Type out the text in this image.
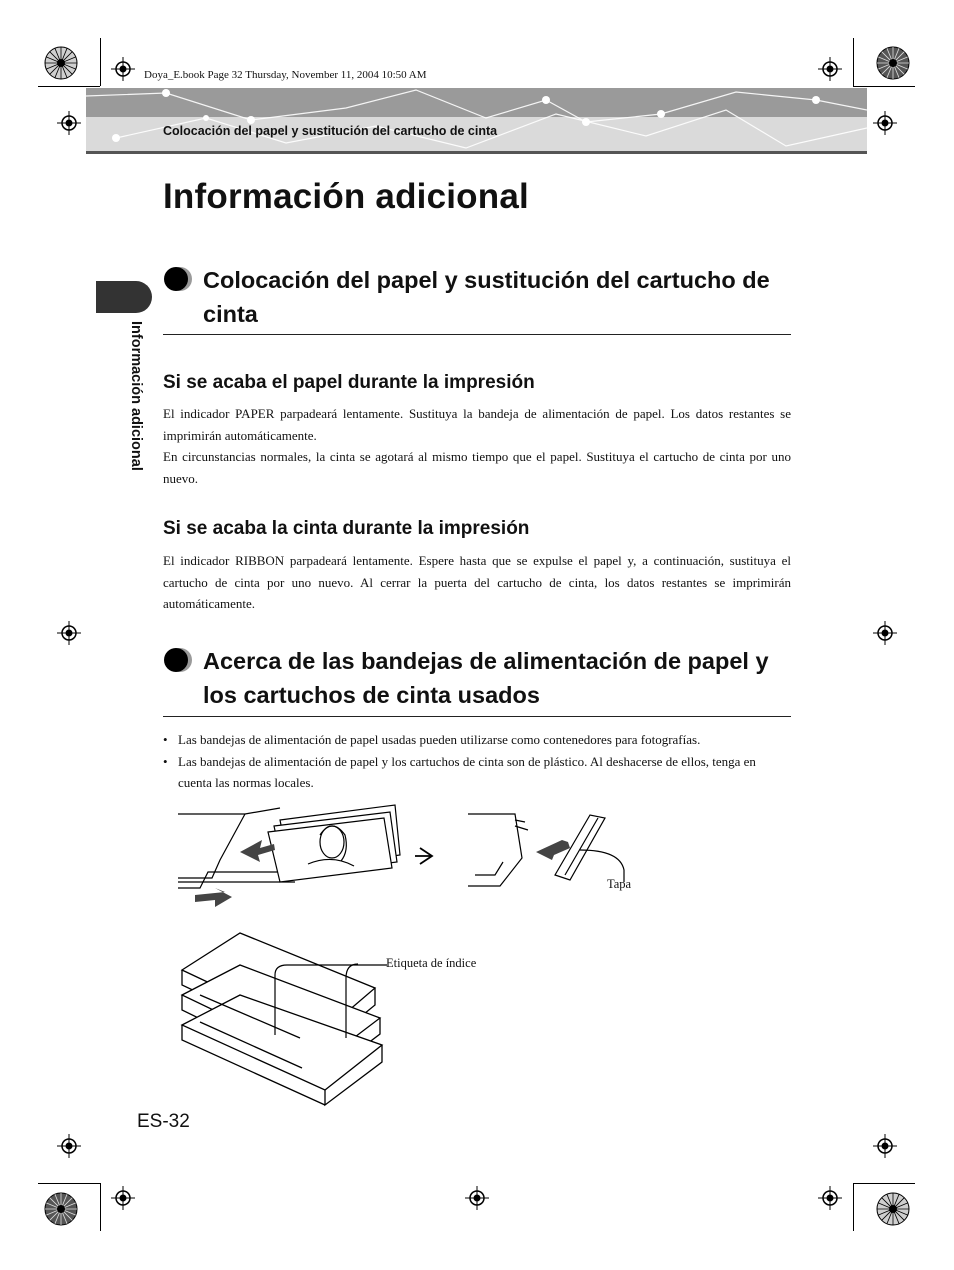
Doya_E.book Page 32 Thursday, November 11, 2004 10:50 AM
Colocación del papel y sustitución del cartucho de cinta
Información adicional
Información adicional
Colocación del papel y sustitución del cartucho de cinta
Si se acaba el papel durante la impresión

El indicador PAPER parpadeará lentamente. Sustituya la bandeja de alimentación de papel. Los datos restantes se imprimirán automáticamente.

En circunstancias normales, la cinta se agotará al mismo tiempo que el papel. Sustituya el cartucho de cinta por uno nuevo.

Si se acaba la cinta durante la impresión

El indicador RIBBON parpadeará lentamente. Espere hasta que se expulse el papel y, a continuación, sustituya el cartucho de cinta por uno nuevo. Al cerrar la puerta del cartucho de cinta, los datos restantes se imprimirán automáticamente.

Acerca de las bandejas de alimentación de papel y los cartuchos de cinta usados
• Las bandejas de alimentación de papel usadas pueden utilizarse como contenedores para fotografías.
• Las bandejas de alimentación de papel y los cartuchos de cinta son de plástico. Al deshacerse de ellos, tenga en cuenta las normas locales.
Tapa
Etiqueta de índice
ES-32
